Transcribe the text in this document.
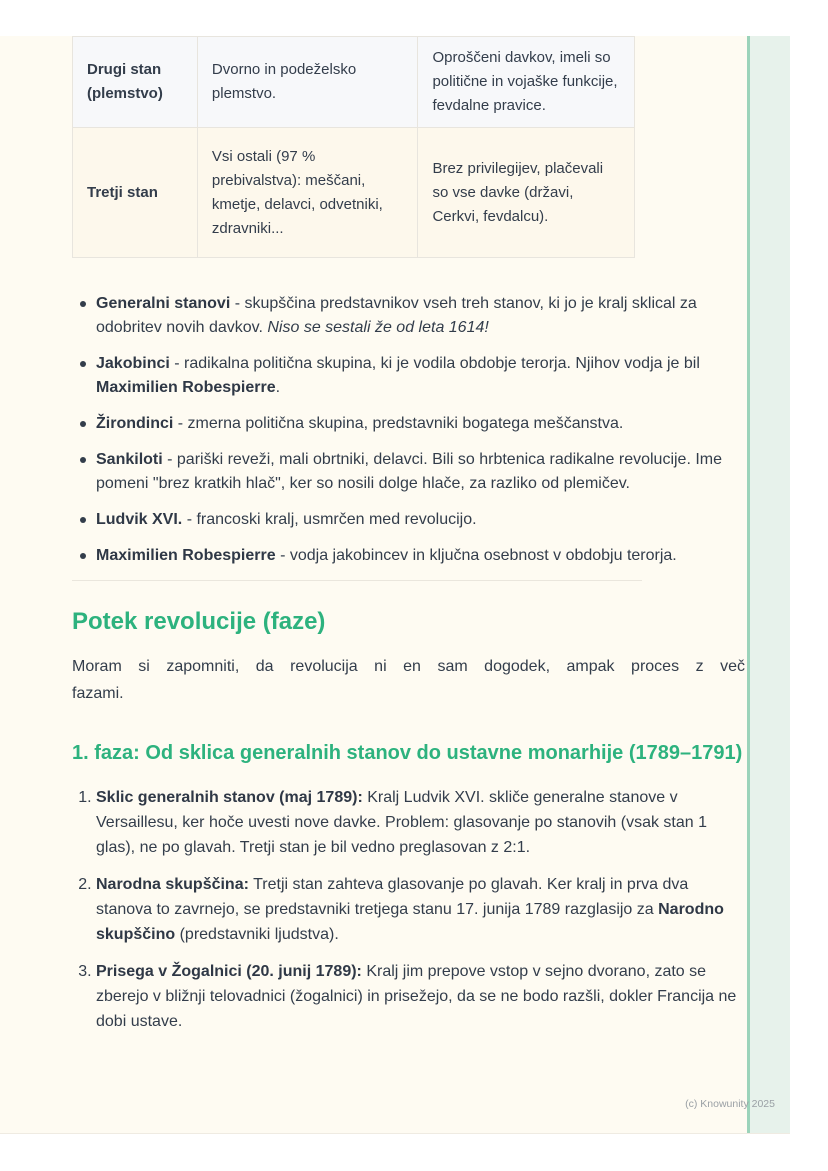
Drugi stan (plemstvo)	Dvorno in podeželsko plemstvo.	Oproščeni davkov, imeli so politične in vojaške funkcije, fevdalne pravice.
Tretji stan	Vsi ostali (97 % prebivalstva): meščani, kmetje, delavci, odvetniki, zdravniki...	Brez privilegijev, plačevali so vse davke (državi, Cerkvi, fevdalcu).
Generalni stanovi - skupščina predstavnikov vseh treh stanov, ki jo je kralj sklical za odobritev novih davkov. Niso se sestali že od leta 1614!
Jakobinci - radikalna politična skupina, ki je vodila obdobje terorja. Njihov vodja je bil Maximilien Robespierre.
Žirondinci - zmerna politična skupina, predstavniki bogatega meščanstva.
Sankiloti - pariški reveži, mali obrtniki, delavci. Bili so hrbtenica radikalne revolucije. Ime pomeni "brez kratkih hlač", ker so nosili dolge hlače, za razliko od plemičev.
Ludvik XVI. - francoski kralj, usmrčen med revolucijo.
Maximilien Robespierre - vodja jakobincev in ključna osebnost v obdobju terorja.
Potek revolucije (faze)

Moram si zapomniti, da revolucija ni en sam dogodek, ampak proces z več
fazami.

1. faza: Od sklica generalnih stanov do ustavne monarhije (1789–1791)
1. Sklic generalnih stanov (maj 1789): Kralj Ludvik XVI. skliče generalne stanove v Versaillesu, ker hoče uvesti nove davke. Problem: glasovanje po stanovih (vsak stan 1 glas), ne po glavah. Tretji stan je bil vedno preglasovan z 2:1.
2. Narodna skupščina: Tretji stan zahteva glasovanje po glavah. Ker kralj in prva dva stanova to zavrnejo, se predstavniki tretjega stanu 17. junija 1789 razglasijo za Narodno skupščino (predstavniki ljudstva).
3. Prisega v Žogalnici (20. junij 1789): Kralj jim prepove vstop v sejno dvorano, zato se zberejo v bližnji telovadnici (žogalnici) in prisežejo, da se ne bodo razšli, dokler Francija ne dobi ustave.
(c) Knowunity 2025
